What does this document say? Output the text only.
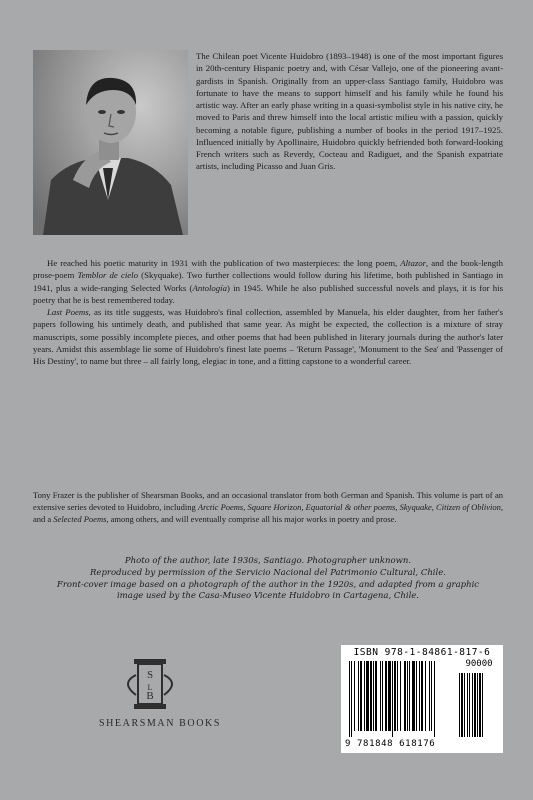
The Chilean poet Vicente Huidobro (1893–1948) is one of the most important figures in 20th-century Hispanic poetry and, with César Vallejo, one of the pioneering avant-gardists in Spanish. Originally from an upper-class Santiago family, Huidobro was fortunate to have the means to support himself and his family while he found his artistic way. After an early phase writing in a quasi-symbolist style in his native city, he moved to Paris and threw himself into the local artistic milieu with a passion, quickly becoming a notable figure, publishing a number of books in the period 1917–1925. Influenced initially by Apollinaire, Huidobro quickly befriended both forward-looking French writers such as Reverdy, Cocteau and Radiguet, and the Spanish expatriate artists, including Picasso and Juan Gris.

He reached his poetic maturity in 1931 with the publication of two masterpieces: the long poem, Altazor, and the book-length prose-poem Temblor de cielo (Skyquake). Two further collections would follow during his lifetime, both published in Santiago in 1941, plus a wide-ranging Selected Works (Antología) in 1945. While he also published successful novels and plays, it is for his poetry that he is best remembered today.

Last Poems, as its title suggests, was Huidobro's final collection, assembled by Manuela, his elder daughter, from her father's papers following his untimely death, and published that same year. As might be expected, the collection is a mixture of stray manuscripts, some possibly incomplete pieces, and other poems that had been published in literary journals during the author's later years. Amidst this assemblage lie some of Huidobro's finest late poems – 'Return Passage', 'Monument to the Sea' and 'Passenger of His Destiny', to name but three – all fairly long, elegiac in tone, and a fitting capstone to a wonderful career.

Tony Frazer is the publisher of Shearsman Books, and an occasional translator from both German and Spanish. This volume is part of an extensive series devoted to Huidobro, including Arctic Poems, Square Horizon, Equatorial & other poems, Skyquake, Citizen of Oblivion, and a Selected Poems, among others, and will eventually comprise all his major works in poetry and prose.
Photo of the author, late 1930s, Santiago. Photographer unknown.
Reproduced by permission of the Servicio Nacional del Patrimonio Cultural, Chile.
Front-cover image based on a photograph of the author in the 1920s, and adapted from a graphic
image used by the Casa-Museo Vicente Huidobro in Cartagena, Chile.
S
B
L
SHEARSMAN BOOKS
ISBN 978-1-84861-817-6
90000
9 781848 618176
